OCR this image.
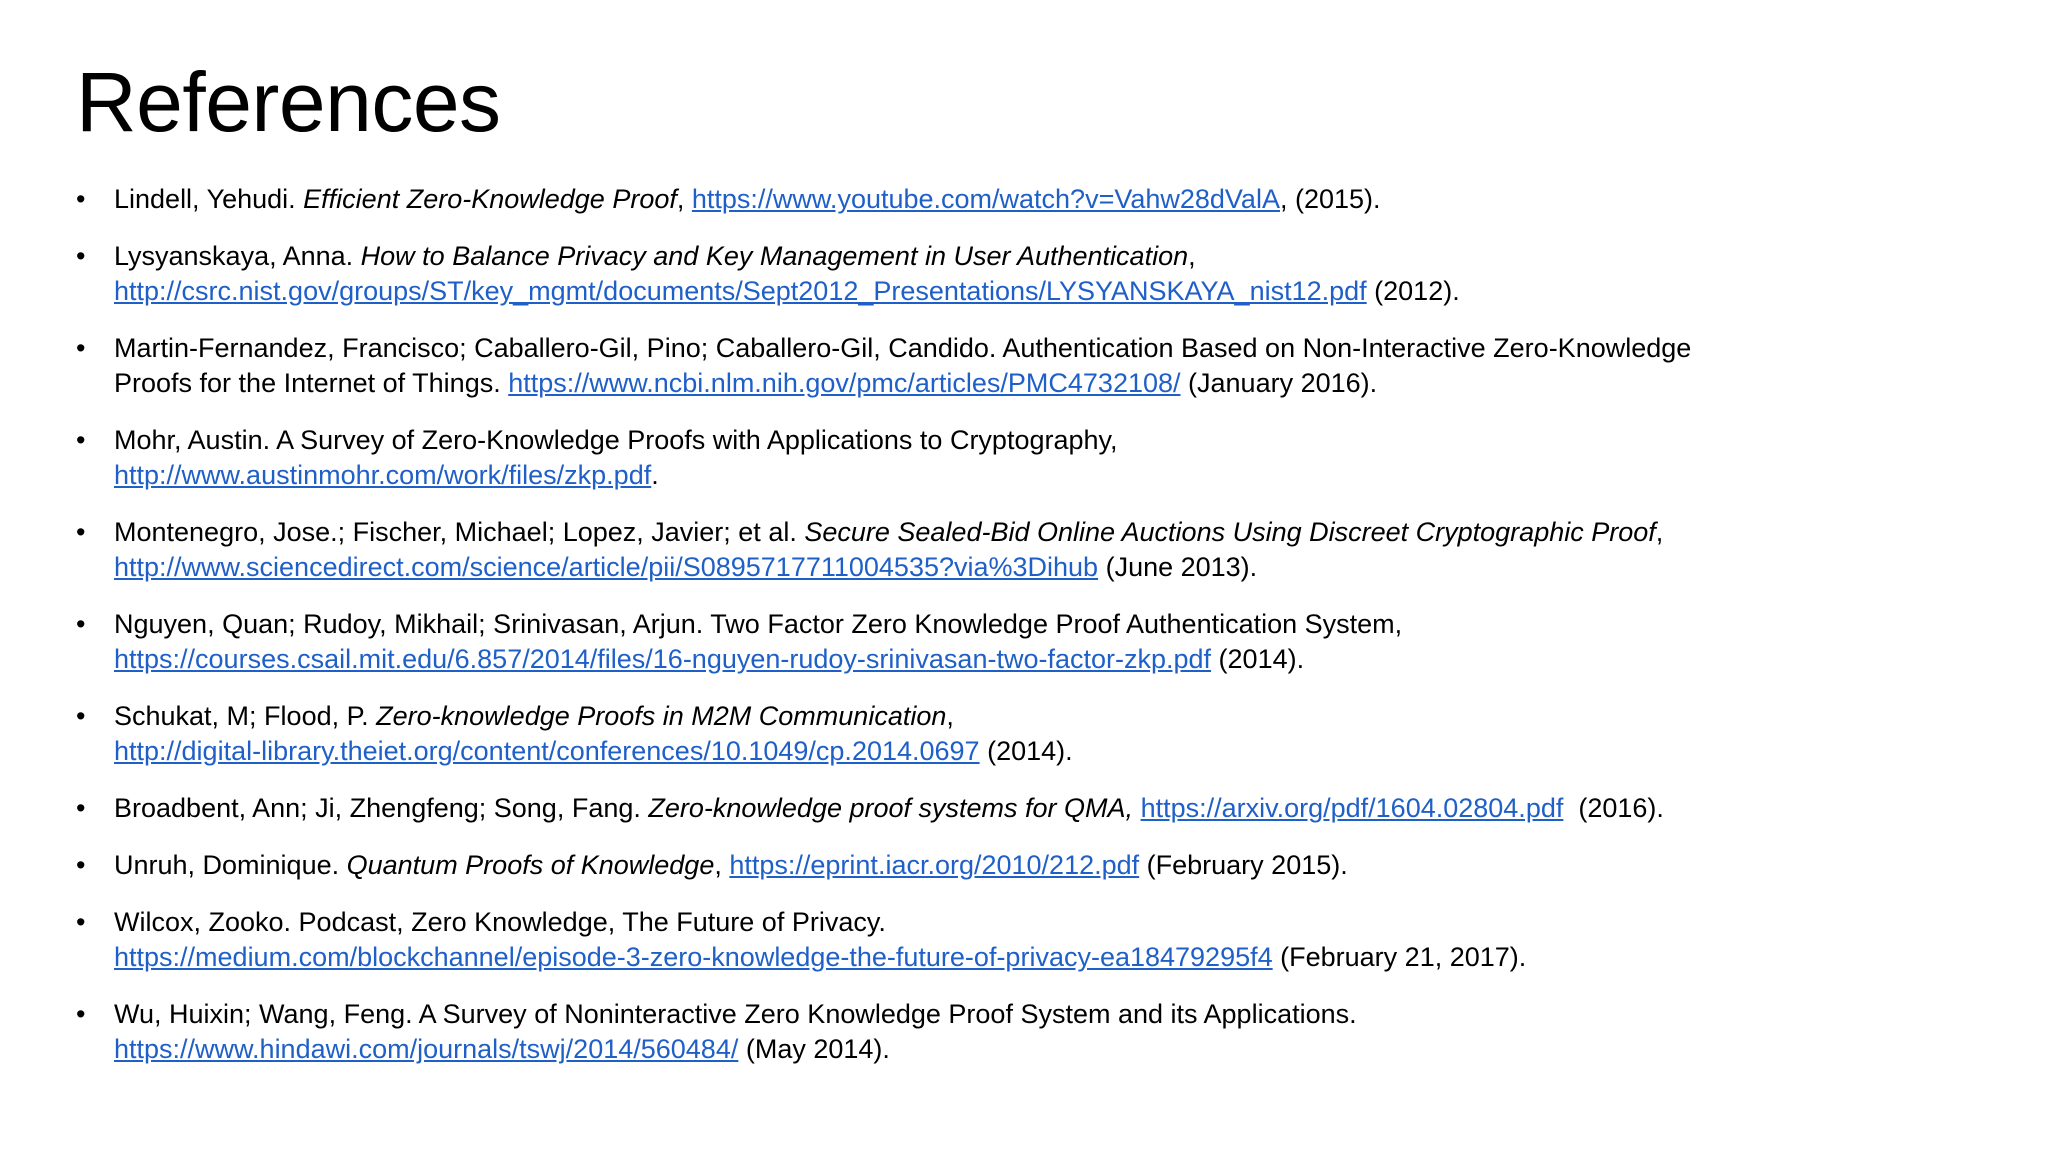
References
•	Lindell, Yehudi. Efficient Zero-Knowledge Proof, https://www.youtube.com/watch?v=Vahw28dValA, (2015).
•	Lysyanskaya, Anna. How to Balance Privacy and Key Management in User Authentication,
http://csrc.nist.gov/groups/ST/key_mgmt/documents/Sept2012_Presentations/LYSYANSKAYA_nist12.pdf (2012).
•	Martin-Fernandez, Francisco; Caballero-Gil, Pino; Caballero-Gil, Candido. Authentication Based on Non-Interactive Zero-Knowledge
Proofs for the Internet of Things. https://www.ncbi.nlm.nih.gov/pmc/articles/PMC4732108/ (January 2016).
•	Mohr, Austin. A Survey of Zero-Knowledge Proofs with Applications to Cryptography,
http://www.austinmohr.com/work/files/zkp.pdf.
•	Montenegro, Jose.; Fischer, Michael; Lopez, Javier; et al. Secure Sealed-Bid Online Auctions Using Discreet Cryptographic Proof,
http://www.sciencedirect.com/science/article/pii/S0895717711004535?via%3Dihub (June 2013).
•	Nguyen, Quan; Rudoy, Mikhail; Srinivasan, Arjun. Two Factor Zero Knowledge Proof Authentication System,
https://courses.csail.mit.edu/6.857/2014/files/16-nguyen-rudoy-srinivasan-two-factor-zkp.pdf (2014).
•	Schukat, M; Flood, P. Zero-knowledge Proofs in M2M Communication,
http://digital-library.theiet.org/content/conferences/10.1049/cp.2014.0697 (2014).
•	Broadbent, Ann; Ji, Zhengfeng; Song, Fang. Zero-knowledge proof systems for QMA, https://arxiv.org/pdf/1604.02804.pdf  (2016).
•	Unruh, Dominique. Quantum Proofs of Knowledge, https://eprint.iacr.org/2010/212.pdf (February 2015).
•	Wilcox, Zooko. Podcast, Zero Knowledge, The Future of Privacy.
https://medium.com/blockchannel/episode-3-zero-knowledge-the-future-of-privacy-ea18479295f4 (February 21, 2017).
•	Wu, Huixin; Wang, Feng. A Survey of Noninteractive Zero Knowledge Proof System and its Applications.
https://www.hindawi.com/journals/tswj/2014/560484/ (May 2014).
